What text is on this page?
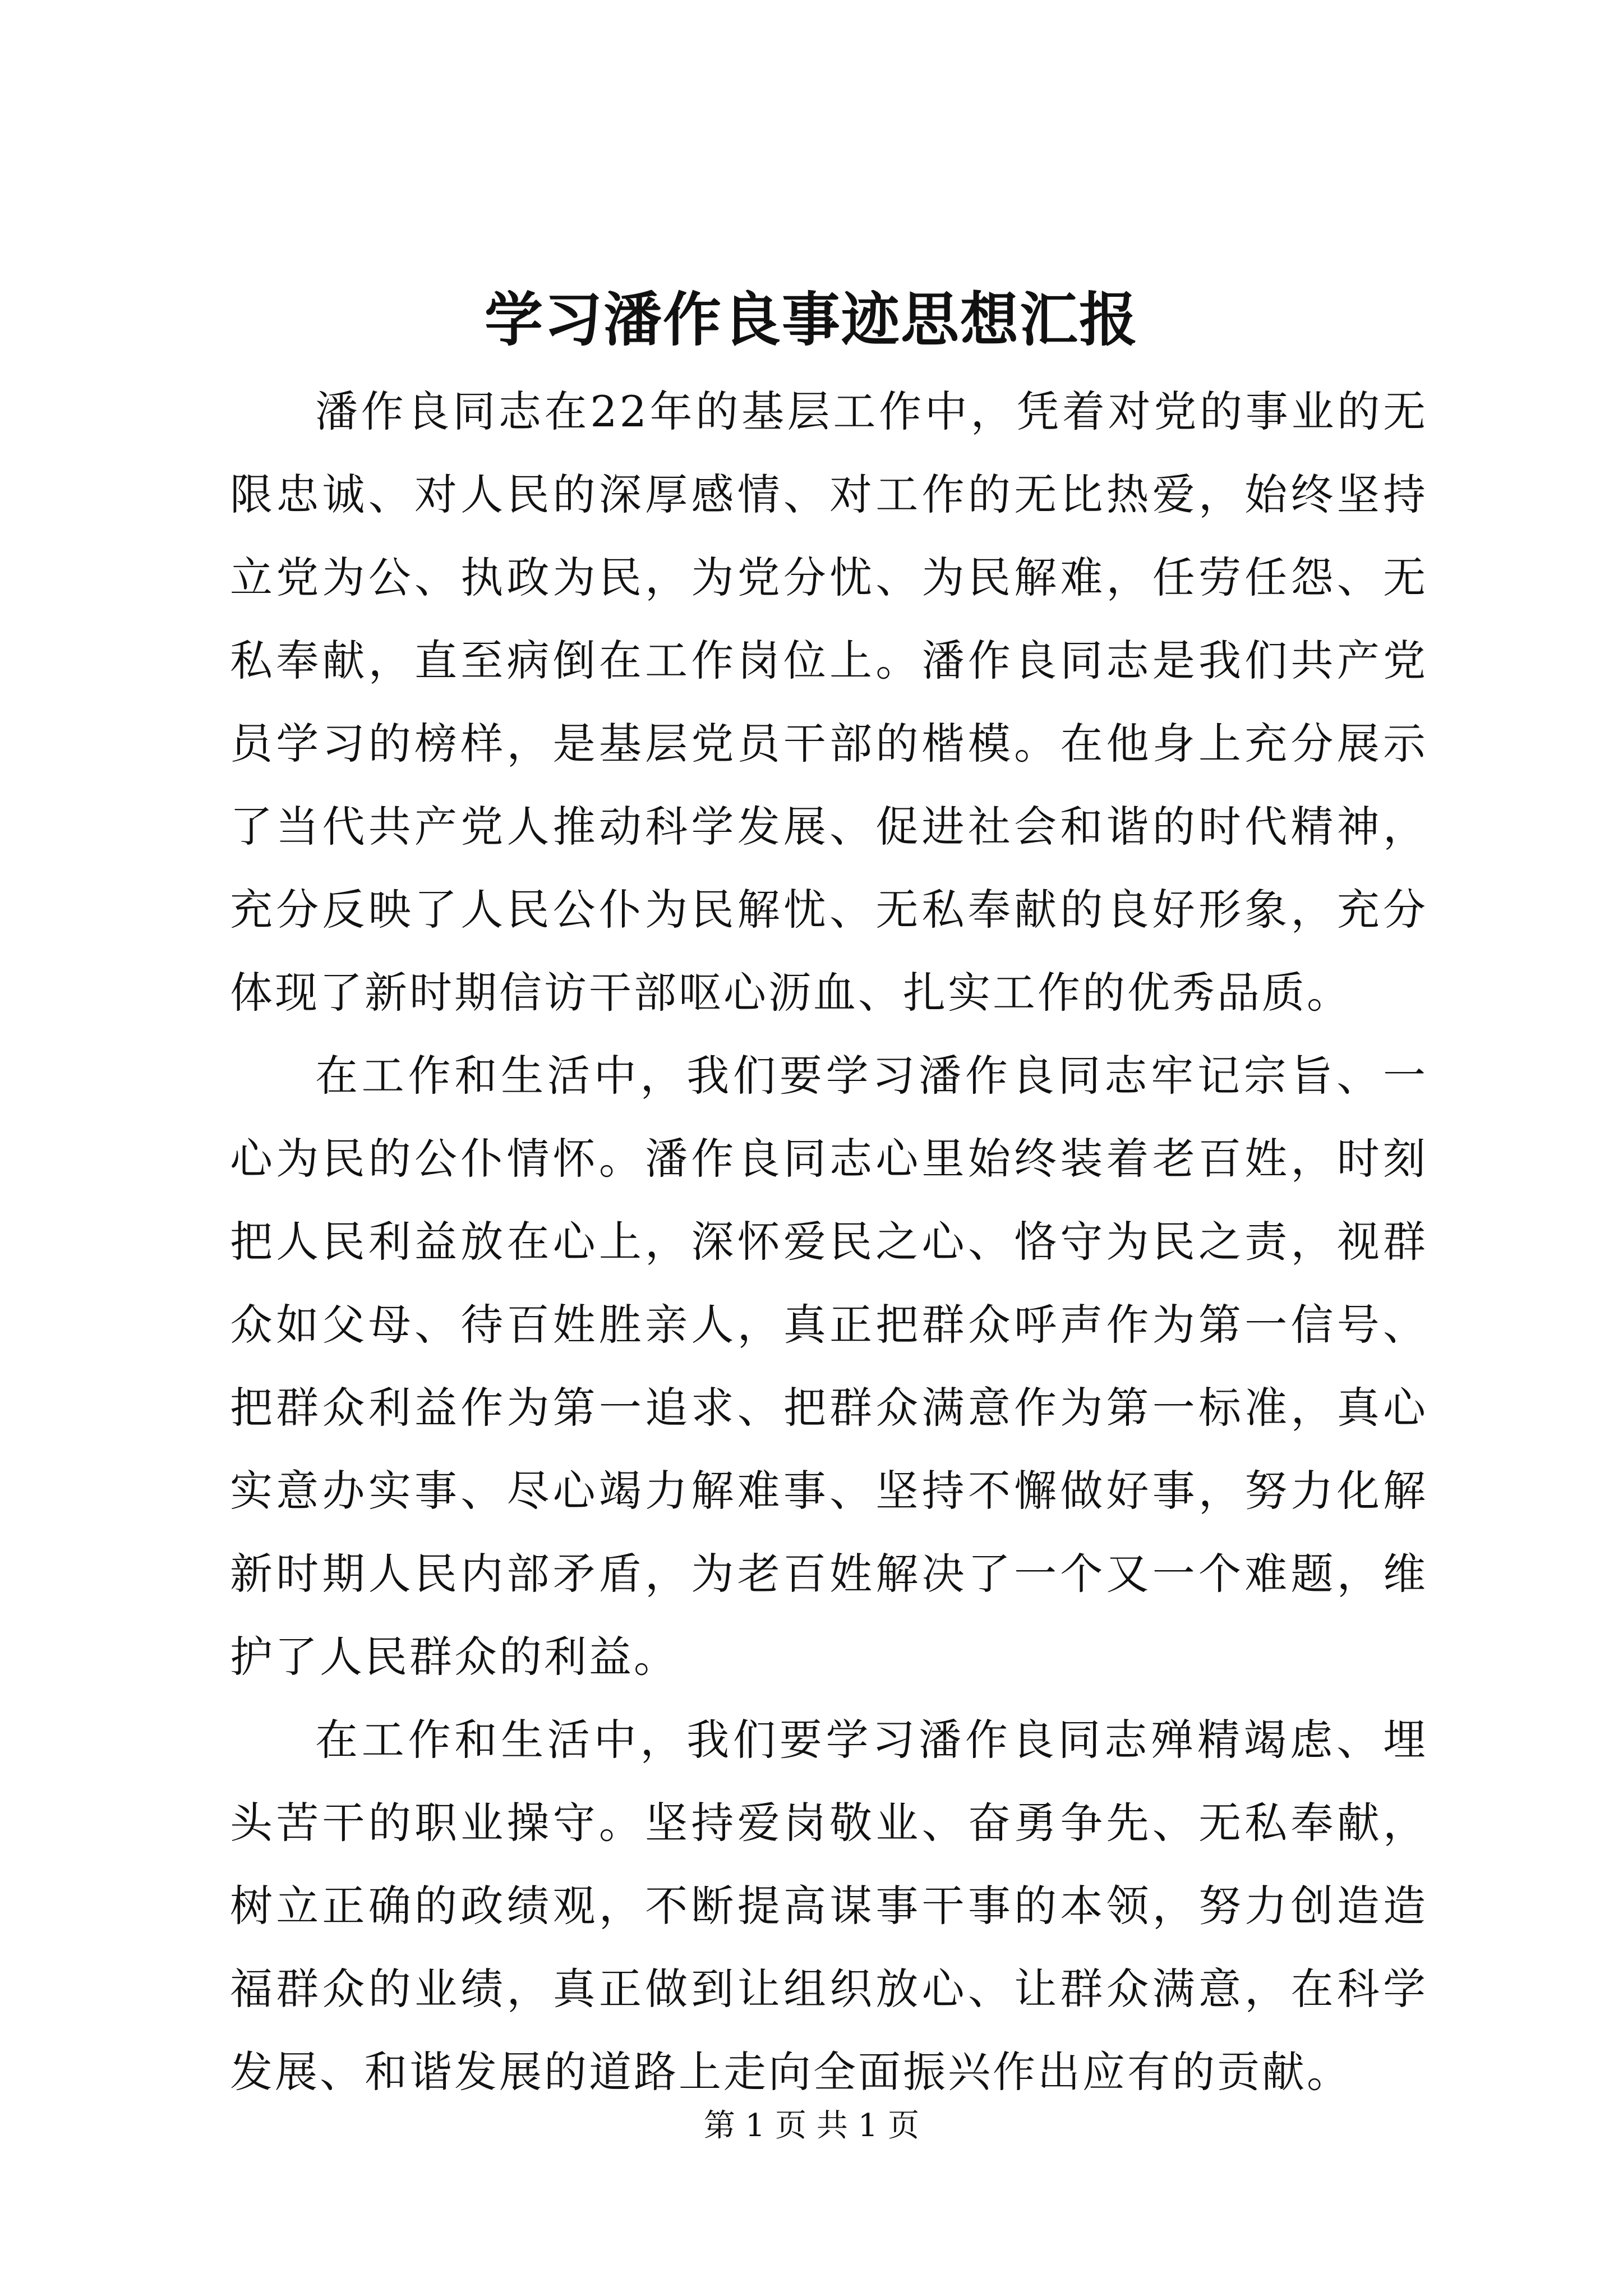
学习潘作良事迹思想汇报

潘作良同志在22年的基层工作中，凭着对党的事业的无限忠诚、对人民的深厚感情、对工作的无比热爱，始终坚持立党为公、执政为民，为党分忧、为民解难，任劳任怨、无私奉献，直至病倒在工作岗位上。潘作良同志是我们共产党员学习的榜样，是基层党员干部的楷模。在他身上充分展示了当代共产党人推动科学发展、促进社会和谐的时代精神，充分反映了人民公仆为民解忧、无私奉献的良好形象，充分体现了新时期信访干部呕心沥血、扎实工作的优秀品质。

在工作和生活中，我们要学习潘作良同志牢记宗旨、一心为民的公仆情怀。潘作良同志心里始终装着老百姓，时刻把人民利益放在心上，深怀爱民之心、恪守为民之责，视群众如父母、待百姓胜亲人，真正把群众呼声作为第一信号、把群众利益作为第一追求、把群众满意作为第一标准，真心实意办实事、尽心竭力解难事、坚持不懈做好事，努力化解新时期人民内部矛盾，为老百姓解决了一个又一个难题，维护了人民群众的利益。

在工作和生活中，我们要学习潘作良同志殚精竭虑、埋头苦干的职业操守。坚持爱岗敬业、奋勇争先、无私奉献，树立正确的政绩观，不断提高谋事干事的本领，努力创造造福群众的业绩，真正做到让组织放心、让群众满意，在科学发展、和谐发展的道路上走向全面振兴作出应有的贡献。

第 1 页 共 1 页
